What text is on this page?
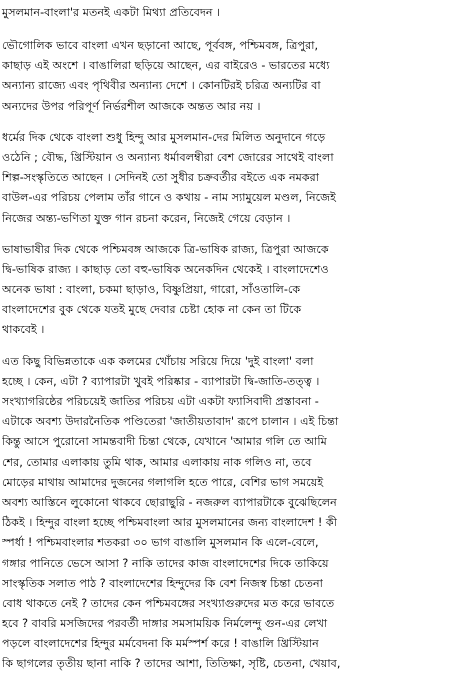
মুসলমান-বাংলা'র মতনই একটা মিথ্যা প্রতিবেদন ।
ভৌগোলিক ভাবে বাংলা এখন ছড়ানো আছে, পূর্ববঙ্গ, পশ্চিমবঙ্গ, ত্রিপুরা,
কাছাড় এই অংশে । বাঙালিরা ছড়িয়ে আছেন, এর বাইরেও - ভারতের মধ্যে
অন্যান্য রাজ্যে এবং পৃথিবীর অন্যান্য দেশে । কোনটিরই চরিত্র অন্যটির বা
অন্যদের উপর পরিপূর্ণ নির্ভরশীল আজকে অন্তত আর নয় ।
ধর্মের দিক থেকে বাংলা শুধু হিন্দু আর মুসলমান-দের মিলিত অনুদানে গড়ে
ওঠেনি ; বৌদ্ধ, খ্রিস্টিয়ান ও অন্যান্য ধর্মাবলম্বীরা বেশ জোরের সাথেই বাংলা
শিল্প-সংস্কৃতিতে আছেন । সেদিনই তো সুধীর চক্রবর্তীর বইতে এক নমকরা
বাউল-এর পরিচয় পেলাম তাঁর গানে ও কথায় - নাম স্যামুয়েল মণ্ডল, নিজেই
নিজের অন্ত্য-ভণিতা যুক্ত গান রচনা করেন, নিজেই গেয়ে বেড়ান ।
ভাষাভাষীর দিক থেকে পশ্চিমবঙ্গ আজকে ত্রি-ভাষিক রাজ্য, ত্রিপুরা আজকে
দ্বি-ভাষিক রাজ্য । কাছাড় তো বহু-ভাষিক অনেকদিন থেকেই । বাংলাদেশেও
অনেক ভাষা : বাংলা, চকমা ছাড়াও, বিষ্ণুপ্রিয়া, গারো, সাঁওতালি-কে
বাংলাদেশের বুক থেকে যতই মুছে দেবার চেষ্টা হোক না কেন তা টিকে
থাকবেই ।
এত কিছু বিভিন্নতাকে এক কলমের খোঁচায় সরিয়ে দিয়ে 'দুই বাংলা' বলা
হচ্ছে । কেন, এটা ? ব্যাপারটা খুবই পরিষ্কার - ব্যাপারটা দ্বি-জাতি-তত্ত্ব ।
সংখ্যাগরিষ্ঠের পরিচয়েই জাতির পরিচয় এটা একটা ফ্যাসিবাদী প্রস্তাবনা -
এটাকে অবশ্য উদারনৈতিক পণ্ডিতেরা 'জাতীয়তাবাদ' রূপে চালান । এই চিন্তা
কিন্তু আসে পুরোনো সামন্তবাদী চিন্তা থেকে, যেখানে 'আমার গলি তে আমি
শের, তোমার এলাকায় তুমি থাক, আমার এলাকায় নাক গলিও না, তবে
মোড়ের মাথায় আমাদের দুজনের গলাগলি হতে পারে, বেশির ভাগ সময়েই
অবশ্য আস্তিনে লুকোনো থাকবে ছোরাছুরি - নজরুল ব্যাপারটাকে বুঝেছিলেন
ঠিকই । হিন্দুর বাংলা হচ্ছে পশ্চিমবাংলা আর মুসলমানের জন্য বাংলাদেশ ! কী
স্পর্ধা ! পশ্চিমবাংলার শতকরা ৩০ ভাগ বাঙালি মুসলমান কি এলে-বেলে,
গঙ্গার পানিতে ভেসে আসা ? নাকি তাদের কাজ বাংলাদেশের দিকে তাকিয়ে
সাংস্কৃতিক সলাত পাঠ ? বাংলাদেশের হিন্দুদের কি বেশ নিজস্ব চিন্তা চেতনা
বোধ থাকতে নেই ? তাদের কেন পশ্চিমবঙ্গের সংখ্যাগুরুদের মত করে ভাবতে
হবে ? বাবরি মসজিদের পরবর্তী দাঙ্গার সমসাময়িক নির্মলেন্দু গুন-এর লেখা
পড়লে বাংলাদেশের হিন্দুর মর্মবেদনা কি মর্মস্পর্শ করে ! বাঙালি খ্রিস্টিয়ান
কি ছাগলের তৃতীয় ছানা নাকি ? তাদের আশা, তিতিক্ষা, সৃষ্টি, চেতনা, খেয়াব,
